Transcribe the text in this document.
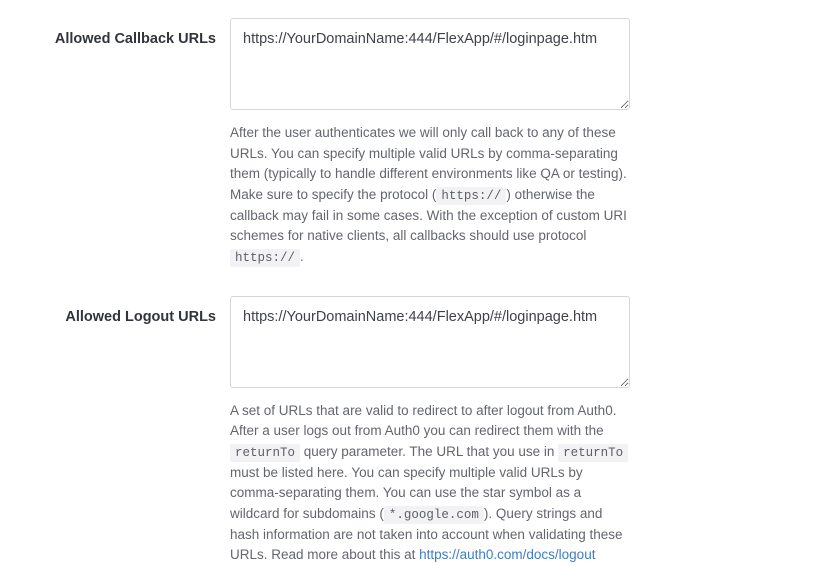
Allowed Callback URLs
https://YourDomainName:444/FlexApp/#/loginpage.htm
After the user authenticates we will only call back to any of these URLs. You can specify multiple valid URLs by comma-separating them (typically to handle different environments like QA or testing). Make sure to specify the protocol ( https:// ) otherwise the callback may fail in some cases. With the exception of custom URI schemes for native clients, all callbacks should use protocol https:// .
Allowed Logout URLs
https://YourDomainName:444/FlexApp/#/loginpage.htm
A set of URLs that are valid to redirect to after logout from Auth0. After a user logs out from Auth0 you can redirect them with the returnTo query parameter. The URL that you use in returnTo must be listed here. You can specify multiple valid URLs by comma-separating them. You can use the star symbol as a wildcard for subdomains ( *.google.com ). Query strings and hash information are not taken into account when validating these URLs. Read more about this at https://auth0.com/docs/logout
